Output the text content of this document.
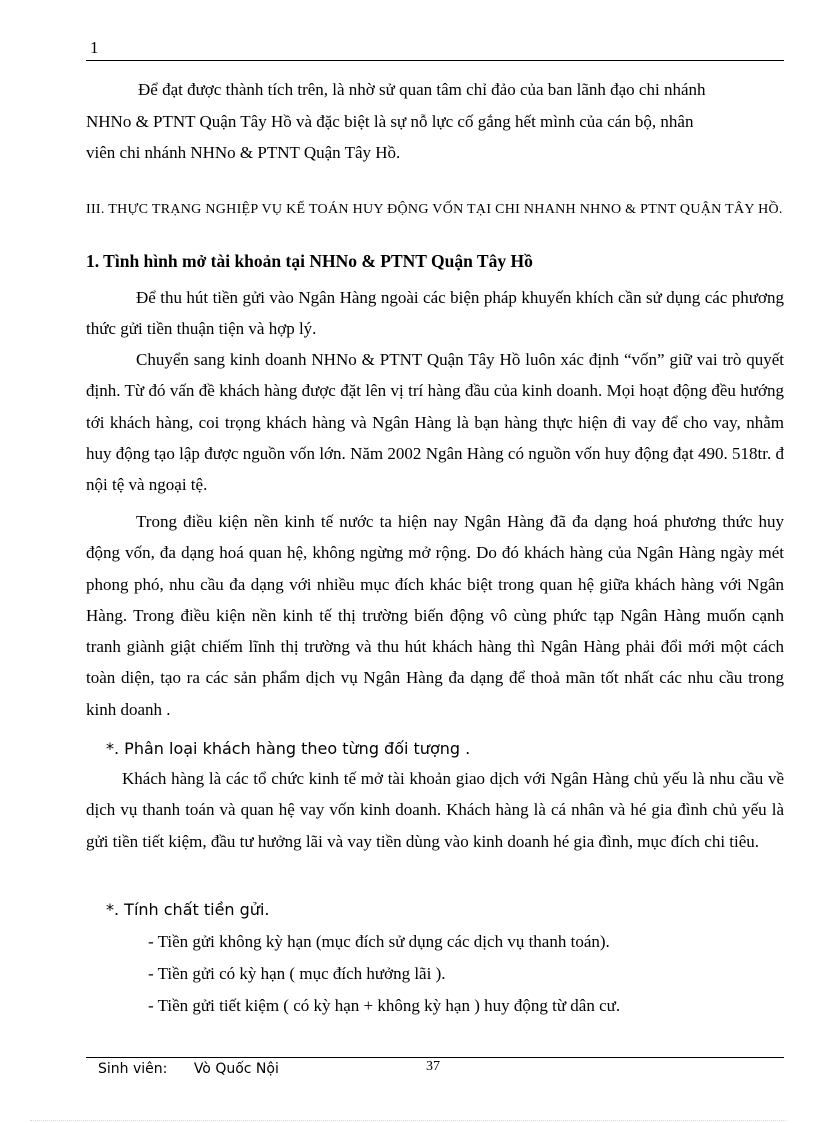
1
Để đạt được thành tích trên, là nhờ sử quan tâm chỉ đảo của ban lãnh đạo chi nhánh
NHNo & PTNT Quận Tây Hồ và đặc biệt là sự nỗ lực cố gắng hết mình của cán bộ, nhân
viên chi nhánh NHNo & PTNT Quận Tây Hồ.
III. THỰC TRẠNG NGHIỆP VỤ KẾ TOÁN HUY ĐỘNG VỐN TẠI CHI NHANH NHNO & PTNT QUẬN TÂY HỒ.
1. Tình hình mở tài khoản tại NHNo & PTNT Quận Tây Hồ

Để thu hút tiền gửi vào Ngân Hàng ngoài các biện pháp khuyến khích cần sử dụng các phương thức gửi tiền thuận tiện và hợp lý.

Chuyển sang kinh doanh NHNo & PTNT Quận Tây Hồ luôn xác định “vốn” giữ vai trò quyết định. Từ đó vấn đề khách hàng được đặt lên vị trí hàng đầu của kinh doanh. Mọi hoạt động đều hướng tới khách hàng, coi trọng khách hàng và Ngân Hàng là bạn hàng thực hiện đi vay để cho vay, nhằm huy động tạo lập được nguồn vốn lớn. Năm 2002 Ngân Hàng có nguồn vốn huy động đạt 490. 518tr. đ nội tệ và ngoại tệ.

Trong điều kiện nền kinh tế nước ta hiện nay Ngân Hàng đã đa dạng hoá phương thức huy động vốn, đa dạng hoá quan hệ, không ngừng mở rộng. Do đó khách hàng của Ngân Hàng ngày mét phong phó, nhu cầu đa dạng với nhiều mục đích khác biệt trong quan hệ giữa khách hàng với Ngân Hàng. Trong điều kiện nền kinh tế thị trường biến động vô cùng phức tạp Ngân Hàng muốn cạnh tranh giành giật chiếm lĩnh thị trường và thu hút khách hàng thì Ngân Hàng phải đổi mới một cách toàn diện, tạo ra các sản phẩm dịch vụ Ngân Hàng đa dạng để thoả mãn tốt nhất các nhu cầu trong kinh doanh .

*. Phân loại khách hàng theo từng đối tượng .

Khách hàng là các tổ chức kinh tế mở tài khoản giao dịch với Ngân Hàng chủ yếu là nhu cầu về dịch vụ thanh toán và quan hệ vay vốn kinh doanh. Khách hàng là cá nhân và hé gia đình chủ yếu là gửi tiền tiết kiệm, đầu tư hưởng lãi và vay tiền dùng vào kinh doanh hé gia đình, mục đích chi tiêu.

*. Tính chất tiền gửi.

- Tiền gửi không kỳ hạn (mục đích sử dụng các dịch vụ thanh toán).

- Tiền gửi có kỳ hạn ( mục đích hưởng lãi ).

- Tiền gửi tiết kiệm ( có kỳ hạn + không kỳ hạn ) huy động từ dân cư.

Sinh viên: Vò Quốc Nội	37
